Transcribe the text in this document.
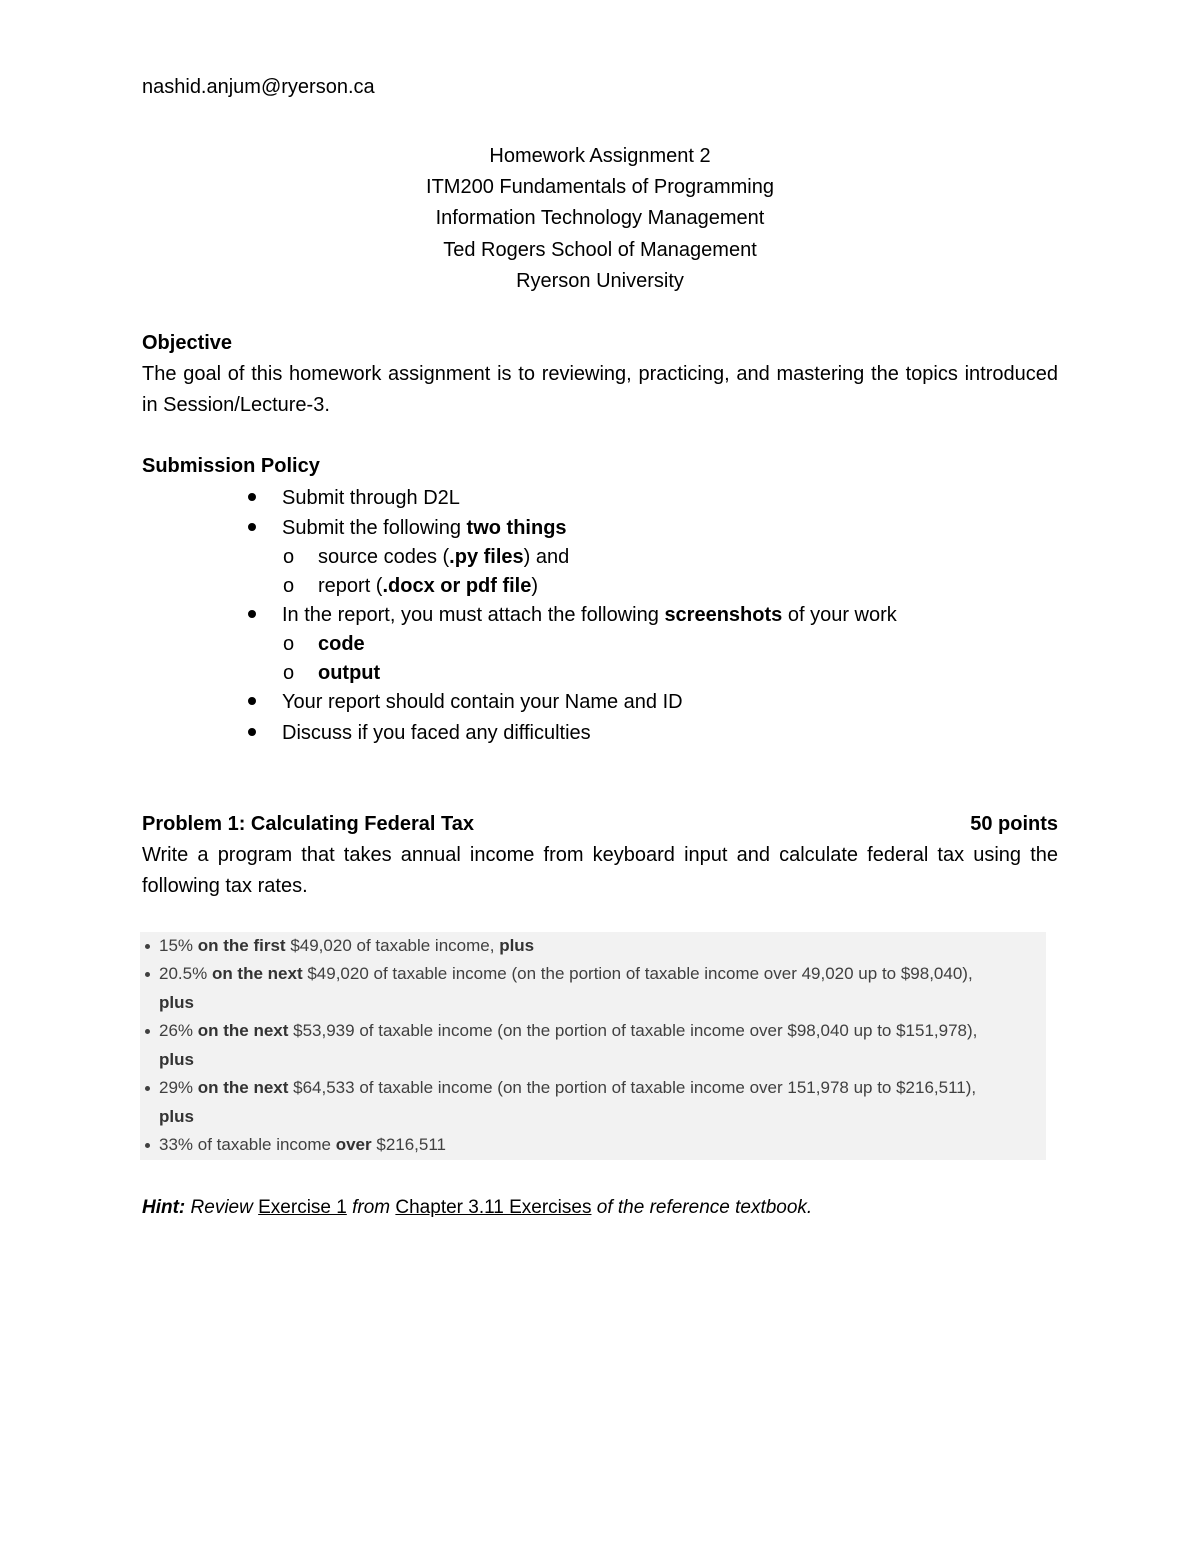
nashid.anjum@ryerson.ca
Homework Assignment 2
ITM200 Fundamentals of Programming
Information Technology Management
Ted Rogers School of Management
Ryerson University
Objective
The goal of this homework assignment is to reviewing, practicing, and mastering the topics introduced in Session/Lecture-3.
Submission Policy
Submit through D2L
Submit the following two things
o source codes (.py files) and
o report (.docx or pdf file)
In the report, you must attach the following screenshots of your work
o code
o output
Your report should contain your Name and ID
Discuss if you faced any difficulties
Problem 1: Calculating Federal Tax	50 points
Write a program that takes annual income from keyboard input and calculate federal tax using the following tax rates.
15% on the first $49,020 of taxable income, plus
20.5% on the next $49,020 of taxable income (on the portion of taxable income over 49,020 up to $98,040),
plus
26% on the next $53,939 of taxable income (on the portion of taxable income over $98,040 up to $151,978),
plus
29% on the next $64,533 of taxable income (on the portion of taxable income over 151,978 up to $216,511),
plus
33% of taxable income over $216,511
Hint: Review Exercise 1 from Chapter 3.11 Exercises of the reference textbook.
